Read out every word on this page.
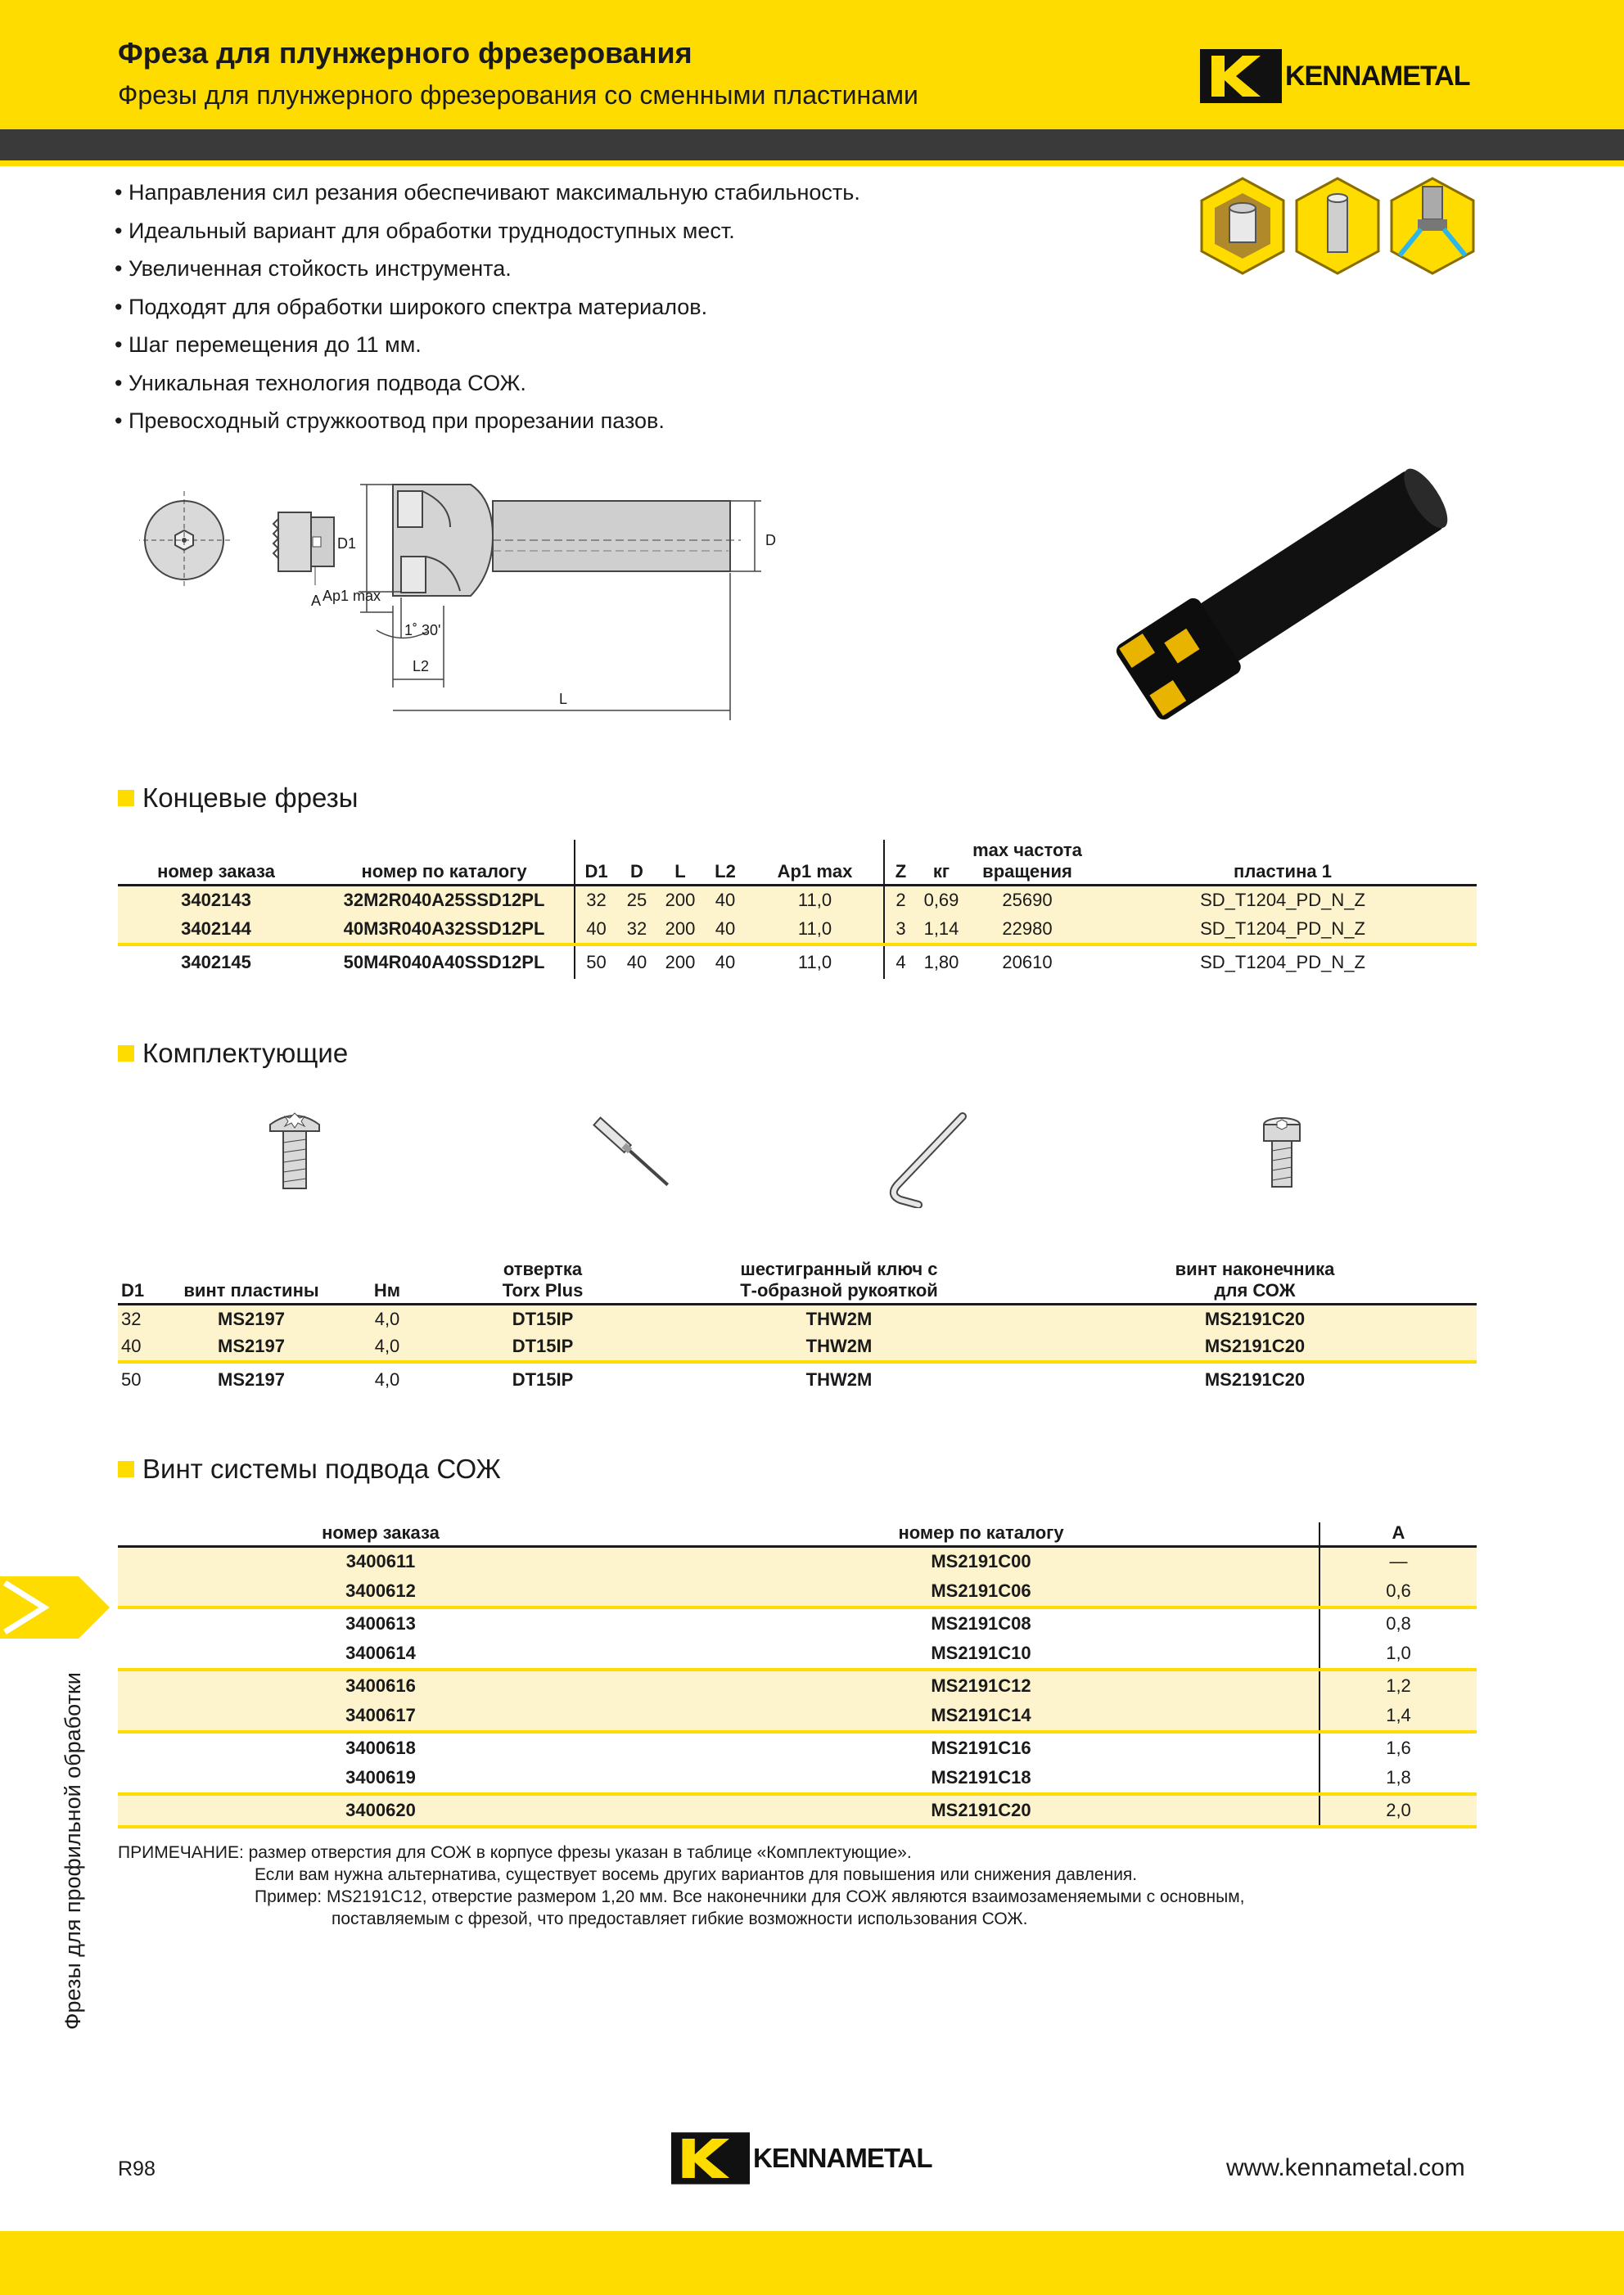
Фреза для плунжерного фрезерования
Фрезы для плунжерного фрезерования со сменными пластинами
KENNAMETAL
• Направления сил резания обеспечивают максимальную стабильность.
• Идеальный вариант для обработки труднодоступных мест.
• Увеличенная стойкость инструмента.
• Подходят для обработки широкого спектра материалов.
• Шаг перемещения до 11 мм.
• Уникальная технология подвода СОЖ.
• Превосходный стружкоотвод при прорезании пазов.
A
D1	D
Ap1 max
1˚ 30'
L2
L
Концевые фрезы
номер заказа	номер по каталогу	D1	D	L	L2	Ap1 max	Z	кг	max частота
вращения	пластина 1
3402143	32M2R040A25SSD12PL	32	25	200	40	11,0	2	0,69	25690	SD_T1204_PD_N_Z
3402144	40M3R040A32SSD12PL	40	32	200	40	11,0	3	1,14	22980	SD_T1204_PD_N_Z
3402145	50M4R040A40SSD12PL	50	40	200	40	11,0	4	1,80	20610	SD_T1204_PD_N_Z
Комплектующие
D1	винт пластины	Нм	отвертка
Torx Plus	шестигранный ключ с
Т-образной рукояткой	винт наконечника
для СОЖ
32	MS2197	4,0	DT15IP	THW2M	MS2191C20
40	MS2197	4,0	DT15IP	THW2M	MS2191C20
50	MS2197	4,0	DT15IP	THW2M	MS2191C20
Винт системы подвода СОЖ
номер заказа	номер по каталогу	A
3400611	MS2191C00	—
3400612	MS2191C06	0,6
3400613	MS2191C08	0,8
3400614	MS2191C10	1,0
3400616	MS2191C12	1,2
3400617	MS2191C14	1,4
3400618	MS2191C16	1,6
3400619	MS2191C18	1,8
3400620	MS2191C20	2,0
ПРИМЕЧАНИЕ: размер отверстия для СОЖ в корпусе фрезы указан в таблице «Комплектующие».
Если вам нужна альтернатива, существует восемь других вариантов для повышения или снижения давления.
Пример: MS2191C12, отверстие размером 1,20 мм. Все наконечники для СОЖ являются взаимозаменяемыми с основным,
поставляемым с фрезой, что предоставляет гибкие возможности использования СОЖ.
Фрезы для профильной обработки
R98	KENNAMETAL	www.kennametal.com
